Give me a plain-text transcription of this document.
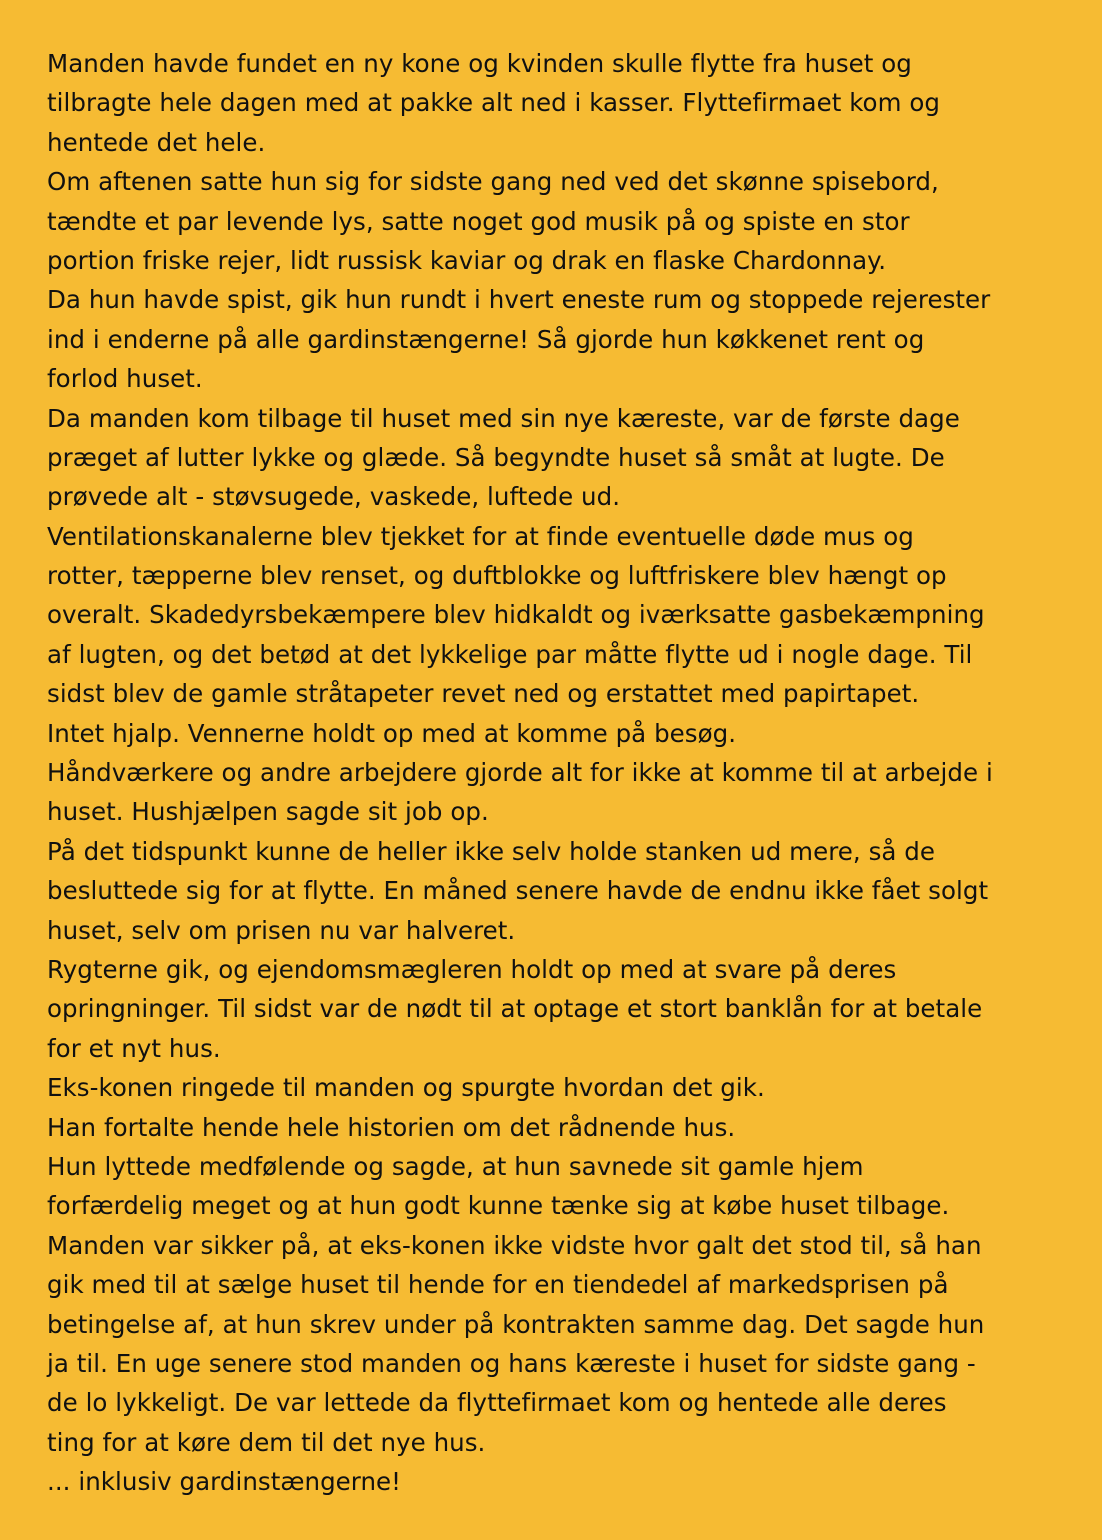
Manden havde fundet en ny kone og kvinden skulle flytte fra huset og
tilbragte hele dagen med at pakke alt ned i kasser. Flyttefirmaet kom og
hentede det hele.
Om aftenen satte hun sig for sidste gang ned ved det skønne spisebord,
tændte et par levende lys, satte noget god musik på og spiste en stor
portion friske rejer, lidt russisk kaviar og drak en flaske Chardonnay.
Da hun havde spist, gik hun rundt i hvert eneste rum og stoppede rejerester
ind i enderne på alle gardinstængerne! Så gjorde hun køkkenet rent og
forlod huset.
Da manden kom tilbage til huset med sin nye kæreste, var de første dage
præget af lutter lykke og glæde. Så begyndte huset så småt at lugte. De
prøvede alt - støvsugede, vaskede, luftede ud.
Ventilationskanalerne blev tjekket for at finde eventuelle døde mus og
rotter, tæpperne blev renset, og duftblokke og luftfriskere blev hængt op
overalt. Skadedyrsbekæmpere blev hidkaldt og iværksatte gasbekæmpning
af lugten, og det betød at det lykkelige par måtte flytte ud i nogle dage. Til
sidst blev de gamle stråtapeter revet ned og erstattet med papirtapet.
Intet hjalp. Vennerne holdt op med at komme på besøg.
Håndværkere og andre arbejdere gjorde alt for ikke at komme til at arbejde i
huset. Hushjælpen sagde sit job op.
På det tidspunkt kunne de heller ikke selv holde stanken ud mere, så de
besluttede sig for at flytte. En måned senere havde de endnu ikke fået solgt
huset, selv om prisen nu var halveret.
Rygterne gik, og ejendomsmægleren holdt op med at svare på deres
opringninger. Til sidst var de nødt til at optage et stort banklån for at betale
for et nyt hus.
Eks-konen ringede til manden og spurgte hvordan det gik.
Han fortalte hende hele historien om det rådnende hus.
Hun lyttede medfølende og sagde, at hun savnede sit gamle hjem
forfærdelig meget og at hun godt kunne tænke sig at købe huset tilbage.
Manden var sikker på, at eks-konen ikke vidste hvor galt det stod til, så han
gik med til at sælge huset til hende for en tiendedel af markedsprisen på
betingelse af, at hun skrev under på kontrakten samme dag. Det sagde hun
ja til. En uge senere stod manden og hans kæreste i huset for sidste gang -
de lo lykkeligt. De var lettede da flyttefirmaet kom og hentede alle deres
ting for at køre dem til det nye hus.
... inklusiv gardinstængerne!
